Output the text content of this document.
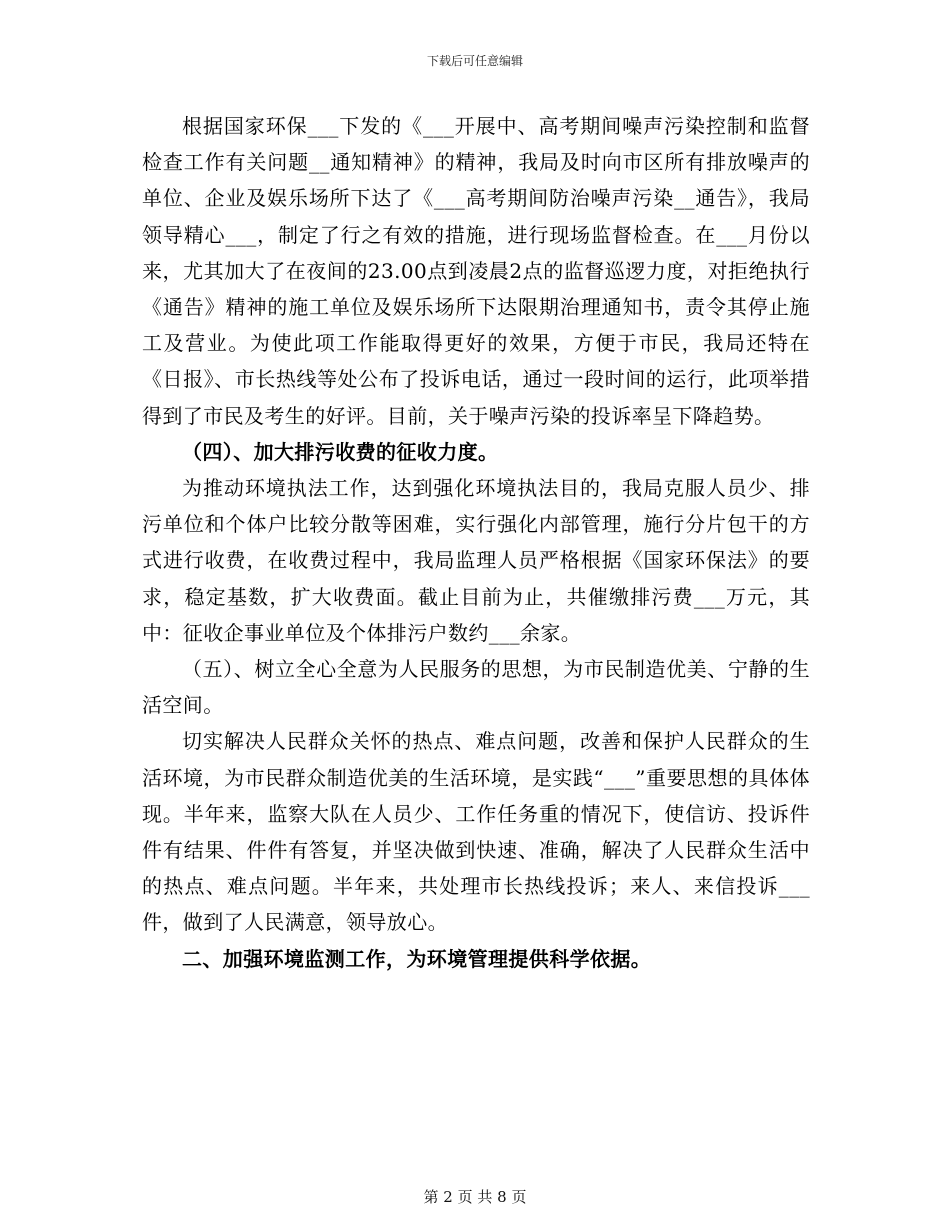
下载后可任意编辑

根据国家环保___下发的《___开展中、高考期间噪声污染控制和监督检查工作有关问题__通知精神》的精神，我局及时向市区所有排放噪声的单位、企业及娱乐场所下达了《___高考期间防治噪声污染__通告》，我局领导精心___，制定了行之有效的措施，进行现场监督检查。在___月份以来，尤其加大了在夜间的23.00点到凌晨2点的监督巡逻力度，对拒绝执行《通告》精神的施工单位及娱乐场所下达限期治理通知书，责令其停止施工及营业。为使此项工作能取得更好的效果，方便于市民，我局还特在《日报》、市长热线等处公布了投诉电话，通过一段时间的运行，此项举措得到了市民及考生的好评。目前，关于噪声污染的投诉率呈下降趋势。

（四）、加大排污收费的征收力度。

为推动环境执法工作，达到强化环境执法目的，我局克服人员少、排污单位和个体户比较分散等困难，实行强化内部管理，施行分片包干的方式进行收费，在收费过程中，我局监理人员严格根据《国家环保法》的要求，稳定基数，扩大收费面。截止目前为止，共催缴排污费___万元，其中：征收企事业单位及个体排污户数约___余家。

（五）、树立全心全意为人民服务的思想，为市民制造优美、宁静的生活空间。

切实解决人民群众关怀的热点、难点问题，改善和保护人民群众的生活环境，为市民群众制造优美的生活环境，是实践“___”重要思想的具体体现。半年来，监察大队在人员少、工作任务重的情况下，使信访、投诉件件有结果、件件有答复，并坚决做到快速、准确，解决了人民群众生活中的热点、难点问题。半年来，共处理市长热线投诉；来人、来信投诉___件，做到了人民满意，领导放心。

二、加强环境监测工作，为环境管理提供科学依据。

第 2 页 共 8 页
